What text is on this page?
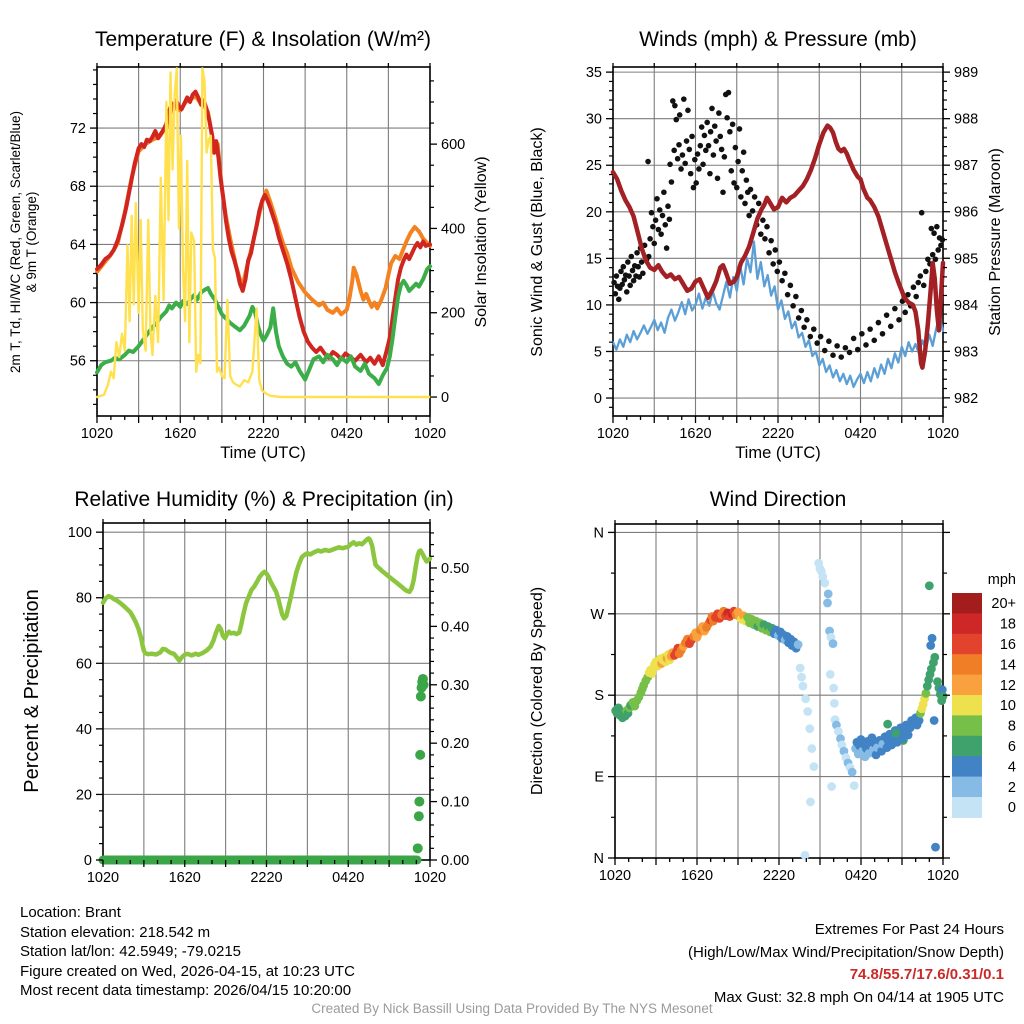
Temperature (F) & Insolation (W/m²)
2m T, Td, HI/WC (Red, Green, Scarlet/Blue) & 9m T (Orange)	Solar Insolation (Yellow)
Time (UTC)
1020	1620	2220	0420	1020
56
60
64
68
72
0
200
400
600
Winds (mph) & Pressure (mb)
Sonic Wind & Gust (Blue, Black)	Station Pressure (Maroon)
Time (UTC)
1020	1620	2220	0420	1020
0
5
10
15
20
25
30
35
982
983
984
985
986
987
988
989
Relative Humidity (%) & Precipitation (in)
Percent & Precipitation
1020	1620	2220	0420	1020
0
20
40
60
80
100
0.00
0.10
0.20
0.30
0.40
0.50
Wind Direction
Direction (Colored By Speed)
mph
1020	1620	2220	0420	1020
N
W
S
E
N
20+
18
16
14
12
10
8
6
4
2
0
Location: Brant
Station elevation: 218.542 m
Station lat/lon: 42.5949; -79.0215
Figure created on Wed, 2026-04-15, at 10:23 UTC
Most recent data timestamp: 2026/04/15 10:20:00
Extremes For Past 24 Hours
(High/Low/Max Wind/Precipitation/Snow Depth)
74.8/55.7/17.6/0.31/0.1
Max Gust: 32.8 mph On 04/14 at 1905 UTC
Created By Nick Bassill Using Data Provided By The NYS Mesonet
